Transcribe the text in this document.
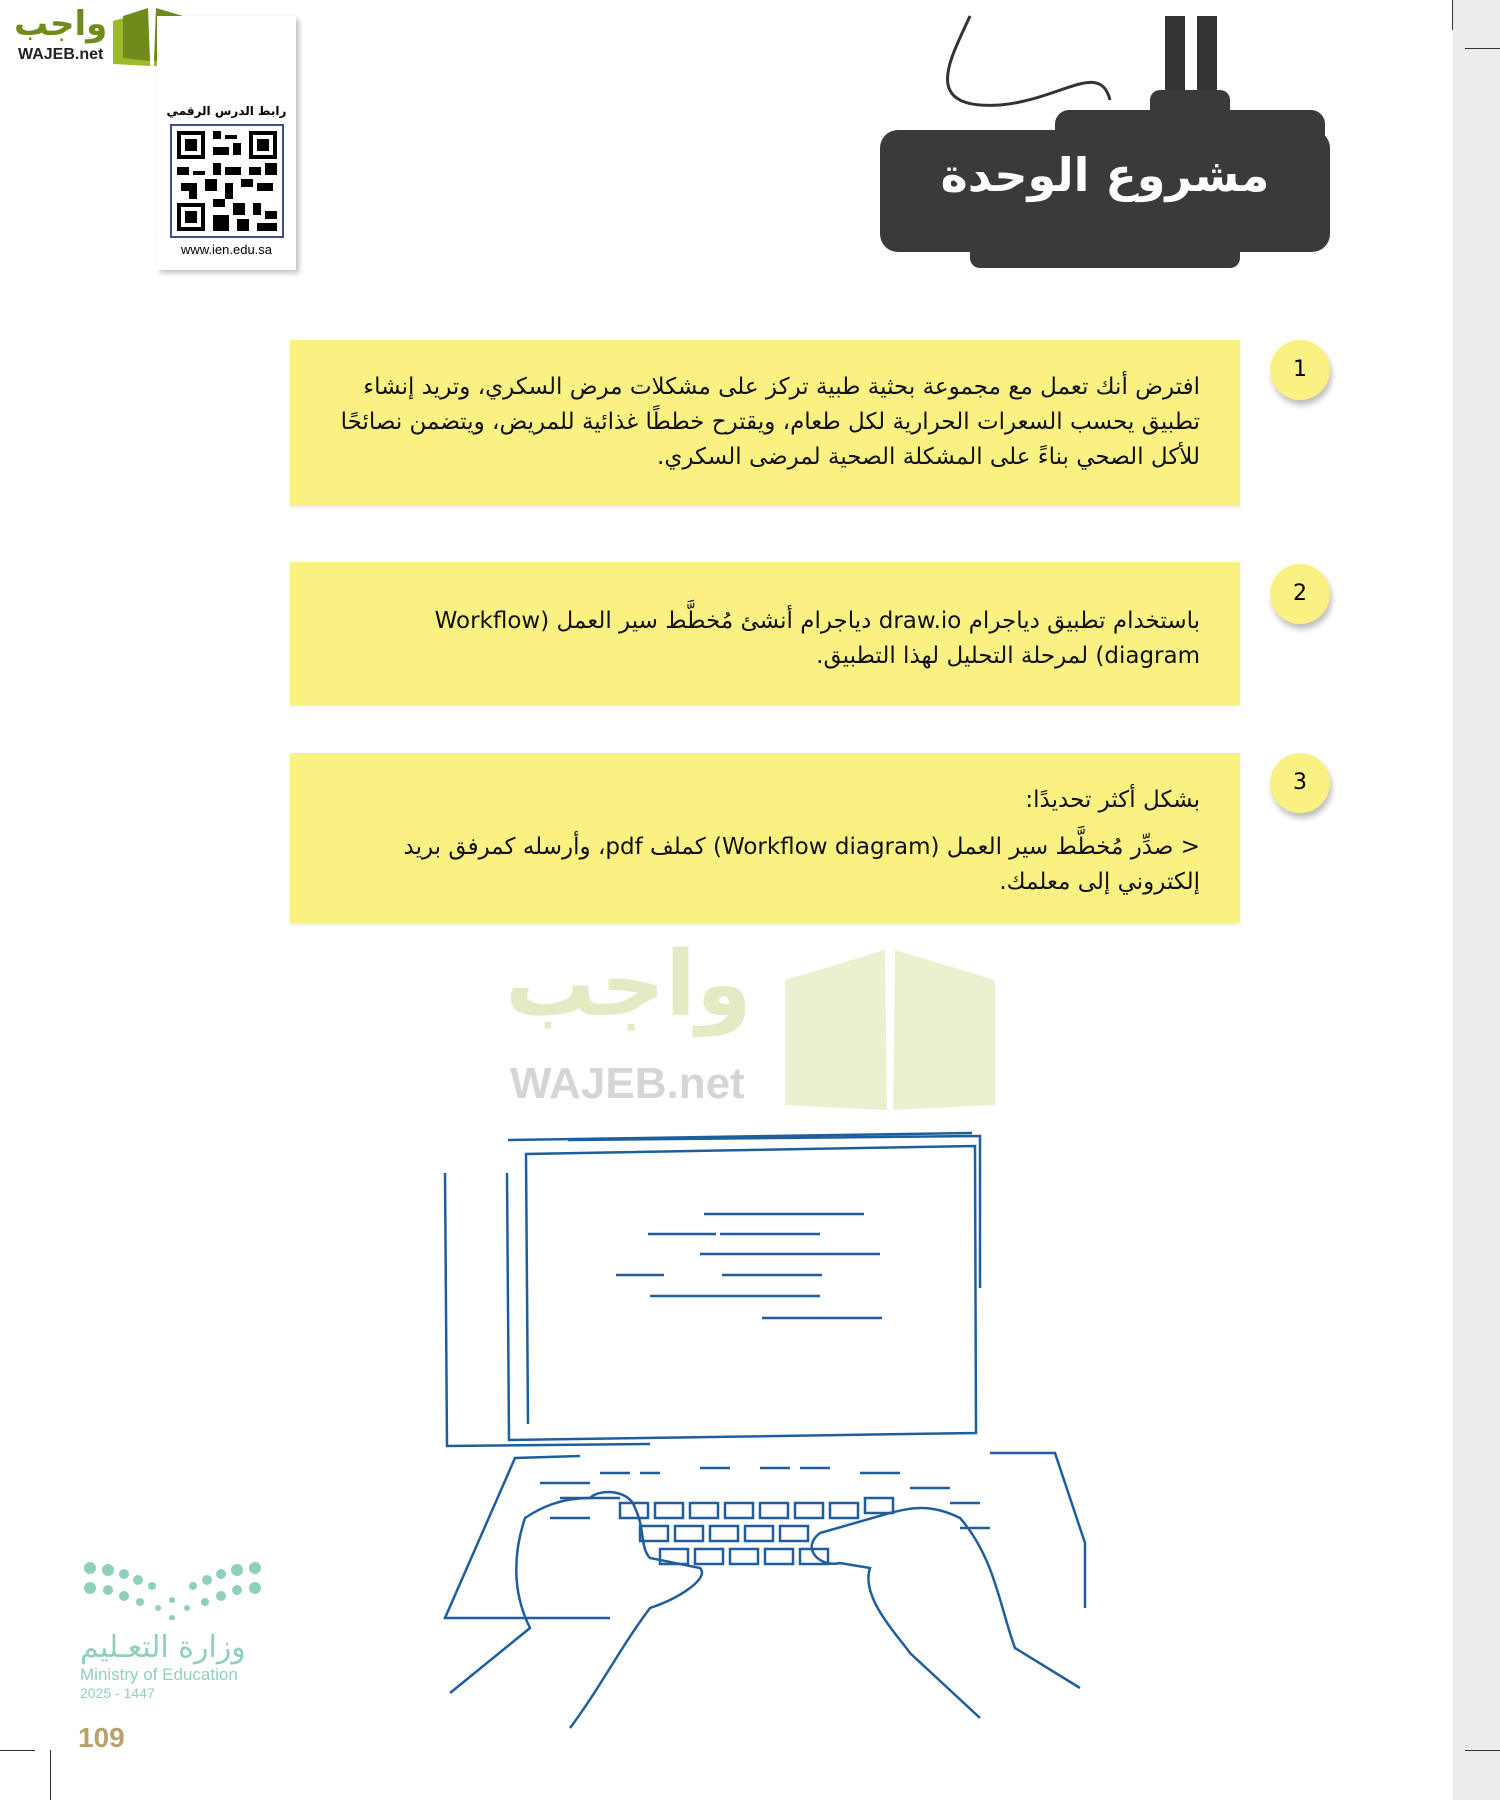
واجب
WAJEB.net
رابط الدرس الرقمي
www.ien.edu.sa
مشروع الوحدة

افترض أنك تعمل مع مجموعة بحثية طبية تركز على مشكلات مرض السكري، وتريد إنشاء تطبيق يحسب السعرات الحرارية لكل طعام، ويقترح خططًا غذائية للمريض، ويتضمن نصائحًا للأكل الصحي بناءً على المشكلة الصحية لمرضى السكري.

1

باستخدام تطبيق دياجرام draw.io دياجرام أنشئ مُخطَّط سير العمل (Workflow diagram) لمرحلة التحليل لهذا التطبيق.

2

بشكل أكثر تحديدًا:

< صدِّر مُخطَّط سير العمل (Workflow diagram) كملف pdf، وأرسله كمرفق بريد إلكتروني إلى معلمك.

3
واجب
WAJEB.net
وزارة التعـليم
Ministry of Education
2025 - 1447
109
